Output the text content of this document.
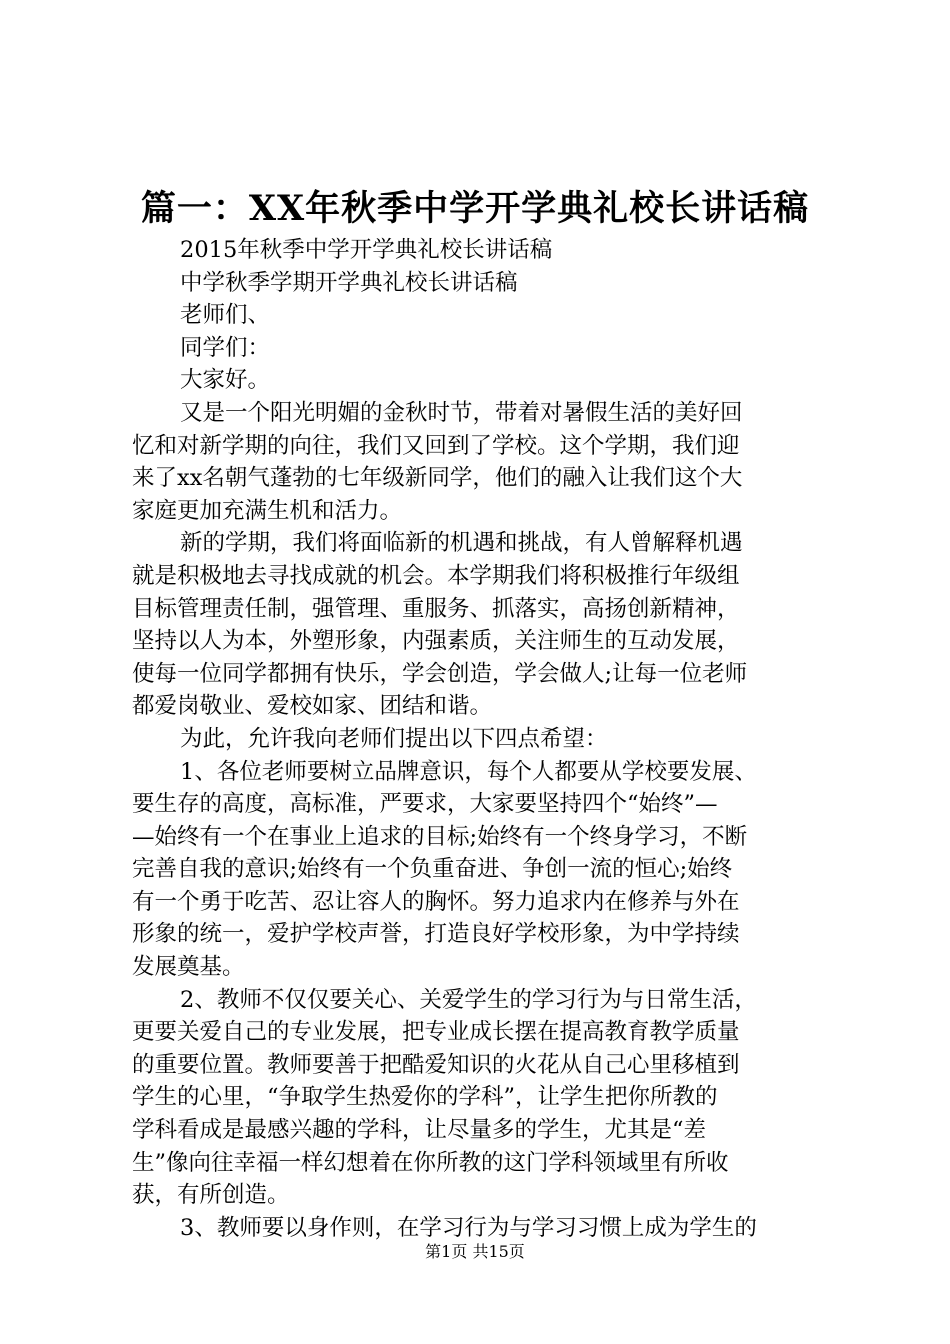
篇一：XX年秋季中学开学典礼校长讲话稿
2015年秋季中学开学典礼校长讲话稿
中学秋季学期开学典礼校长讲话稿
老师们、
同学们：
大家好。
又是一个阳光明媚的金秋时节，带着对暑假生活的美好回
忆和对新学期的向往，我们又回到了学校。这个学期，我们迎
来了xx名朝气蓬勃的七年级新同学，他们的融入让我们这个大
家庭更加充满生机和活力。
新的学期，我们将面临新的机遇和挑战，有人曾解释机遇
就是积极地去寻找成就的机会。本学期我们将积极推行年级组
目标管理责任制，强管理、重服务、抓落实，高扬创新精神，
坚持以人为本，外塑形象，内强素质，关注师生的互动发展，
使每一位同学都拥有快乐，学会创造，学会做人;让每一位老师
都爱岗敬业、爱校如家、团结和谐。
为此，允许我向老师们提出以下四点希望：
1、各位老师要树立品牌意识，每个人都要从学校要发展、
要生存的高度，高标准，严要求，大家要坚持四个“始终”—
—始终有一个在事业上追求的目标;始终有一个终身学习，不断
完善自我的意识;始终有一个负重奋进、争创一流的恒心;始终
有一个勇于吃苦、忍让容人的胸怀。努力追求内在修养与外在
形象的统一，爱护学校声誉，打造良好学校形象，为中学持续
发展奠基。
2、教师不仅仅要关心、关爱学生的学习行为与日常生活，
更要关爱自己的专业发展，把专业成长摆在提高教育教学质量
的重要位置。教师要善于把酷爱知识的火花从自己心里移植到
学生的心里，“争取学生热爱你的学科”，让学生把你所教的
学科看成是最感兴趣的学科，让尽量多的学生，尤其是“差
生”像向往幸福一样幻想着在你所教的这门学科领域里有所收
获，有所创造。
3、教师要以身作则，在学习行为与学习习惯上成为学生的
第1页 共15页
